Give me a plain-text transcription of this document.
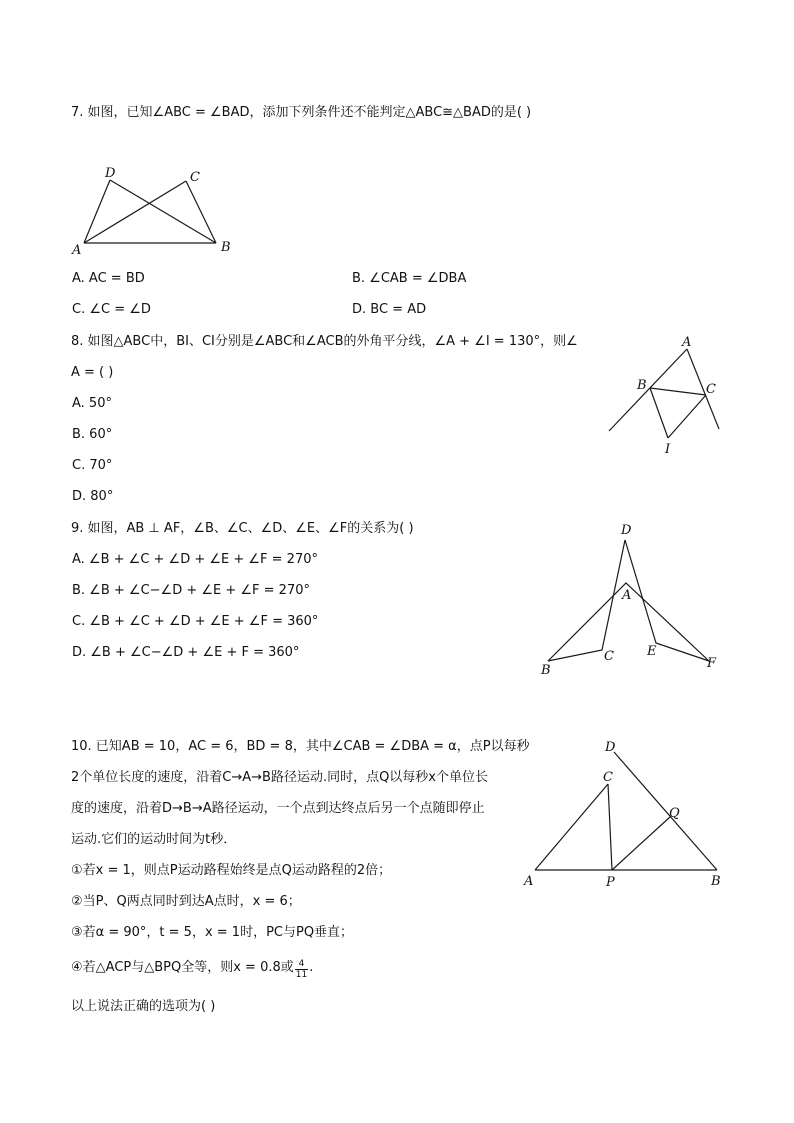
7. 如图，已知∠ABC = ∠BAD，添加下列条件还不能判定△ABC≅△BAD的是( )
D	C
A	B
A. AC = BD	B. ∠CAB = ∠DBA
C. ∠C = ∠D	D. BC = AD
8. 如图△ABC中，BI、CI分别是∠ABC和∠ACB的外角平分线，∠A + ∠I = 130°，则∠
A = ( )
A. 50°
B. 60°
C. 70°
D. 80°
A
B	C
I
9. 如图，AB ⊥ AF，∠B、∠C、∠D、∠E、∠F的关系为( )
A. ∠B + ∠C + ∠D + ∠E + ∠F = 270°
B. ∠B + ∠C−∠D + ∠E + ∠F = 270°
C. ∠B + ∠C + ∠D + ∠E + ∠F = 360°
D. ∠B + ∠C−∠D + ∠E + F = 360°
D
A
B
C	E
F
10. 已知AB = 10，AC = 6，BD = 8，其中∠CAB = ∠DBA = α，点P以每秒
2个单位长度的速度，沿着C→A→B路径运动.同时，点Q以每秒x个单位长
度的速度，沿着D→B→A路径运动，一个点到达终点后另一个点随即停止
运动.它们的运动时间为t秒．
①若x = 1，则点P运动路程始终是点Q运动路程的2倍；
②当P、Q两点同时到达A点时，x = 6；
③若α = 90°，t = 5，x = 1时，PC与PQ垂直；
④若△ACP与△BPQ全等，则x = 0.8或 $\frac{4}{11}$ .
以上说法正确的选项为( )
D
C
Q
A	P	B
